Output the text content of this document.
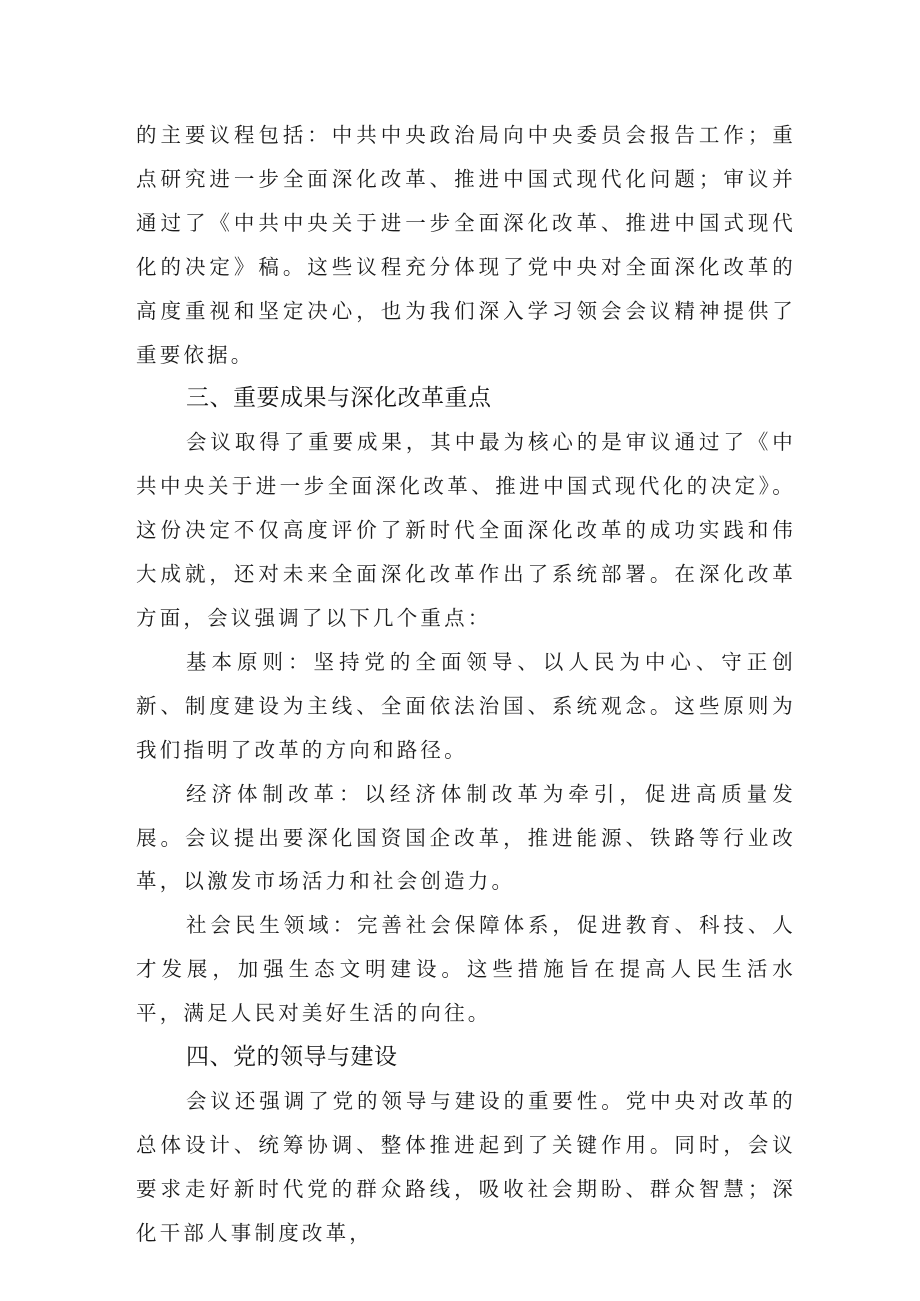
的主要议程包括：中共中央政治局向中央委员会报告工作；重点研究进一步全面深化改革、推进中国式现代化问题；审议并通过了《中共中央关于进一步全面深化改革、推进中国式现代化的决定》稿。这些议程充分体现了党中央对全面深化改革的高度重视和坚定决心，也为我们深入学习领会会议精神提供了重要依据。

三、重要成果与深化改革重点

会议取得了重要成果，其中最为核心的是审议通过了《中共中央关于进一步全面深化改革、推进中国式现代化的决定》。这份决定不仅高度评价了新时代全面深化改革的成功实践和伟大成就，还对未来全面深化改革作出了系统部署。在深化改革方面，会议强调了以下几个重点：

基本原则：坚持党的全面领导、以人民为中心、守正创新、制度建设为主线、全面依法治国、系统观念。这些原则为我们指明了改革的方向和路径。

经济体制改革：以经济体制改革为牵引，促进高质量发展。会议提出要深化国资国企改革，推进能源、铁路等行业改革，以激发市场活力和社会创造力。

社会民生领域：完善社会保障体系，促进教育、科技、人才发展，加强生态文明建设。这些措施旨在提高人民生活水平，满足人民对美好生活的向往。

四、党的领导与建设

会议还强调了党的领导与建设的重要性。党中央对改革的总体设计、统筹协调、整体推进起到了关键作用。同时，会议要求走好新时代党的群众路线，吸收社会期盼、群众智慧；深化干部人事制度改革，
